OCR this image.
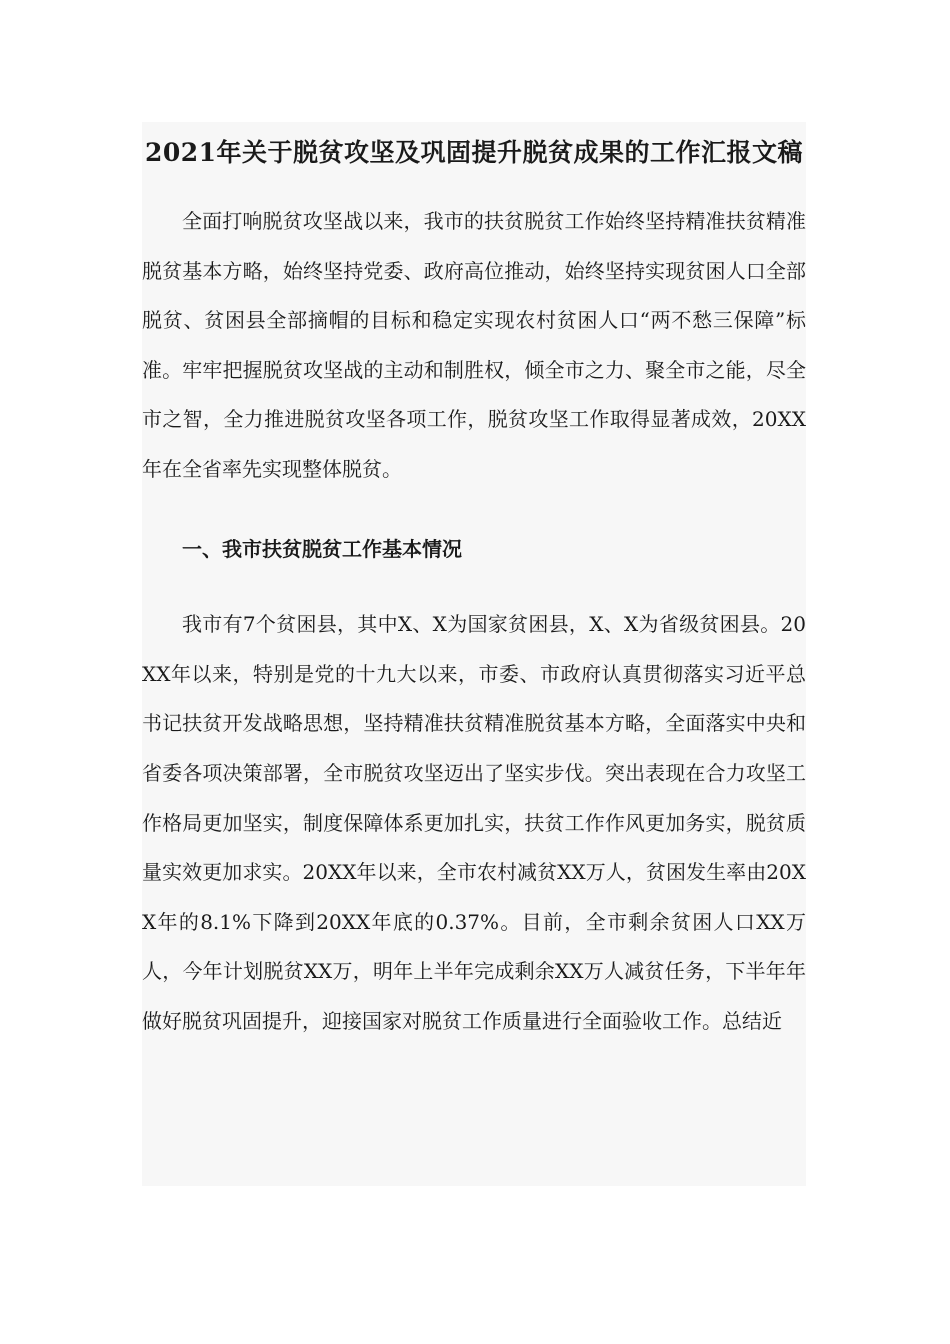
2021年关于脱贫攻坚及巩固提升脱贫成果的工作汇报文稿

全面打响脱贫攻坚战以来，我市的扶贫脱贫工作始终坚持精准扶贫精准脱贫基本方略，始终坚持党委、政府高位推动，始终坚持实现贫困人口全部脱贫、贫困县全部摘帽的目标和稳定实现农村贫困人口“两不愁三保障”标准。牢牢把握脱贫攻坚战的主动和制胜权，倾全市之力、聚全市之能，尽全市之智，全力推进脱贫攻坚各项工作，脱贫攻坚工作取得显著成效，20XX年在全省率先实现整体脱贫。

一、我市扶贫脱贫工作基本情况

我市有7个贫困县，其中X、X为国家贫困县，X、X为省级贫困县。20XX年以来，特别是党的十九大以来，市委、市政府认真贯彻落实习近平总书记扶贫开发战略思想，坚持精准扶贫精准脱贫基本方略，全面落实中央和省委各项决策部署，全市脱贫攻坚迈出了坚实步伐。突出表现在合力攻坚工作格局更加坚实，制度保障体系更加扎实，扶贫工作作风更加务实，脱贫质量实效更加求实。20XX年以来，全市农村减贫XX万人，贫困发生率由20XX年的8.1%下降到20XX年底的0.37%。目前，全市剩余贫困人口XX万人，今年计划脱贫XX万，明年上半年完成剩余XX万人减贫任务，下半年年做好脱贫巩固提升，迎接国家对脱贫工作质量进行全面验收工作。总结近
